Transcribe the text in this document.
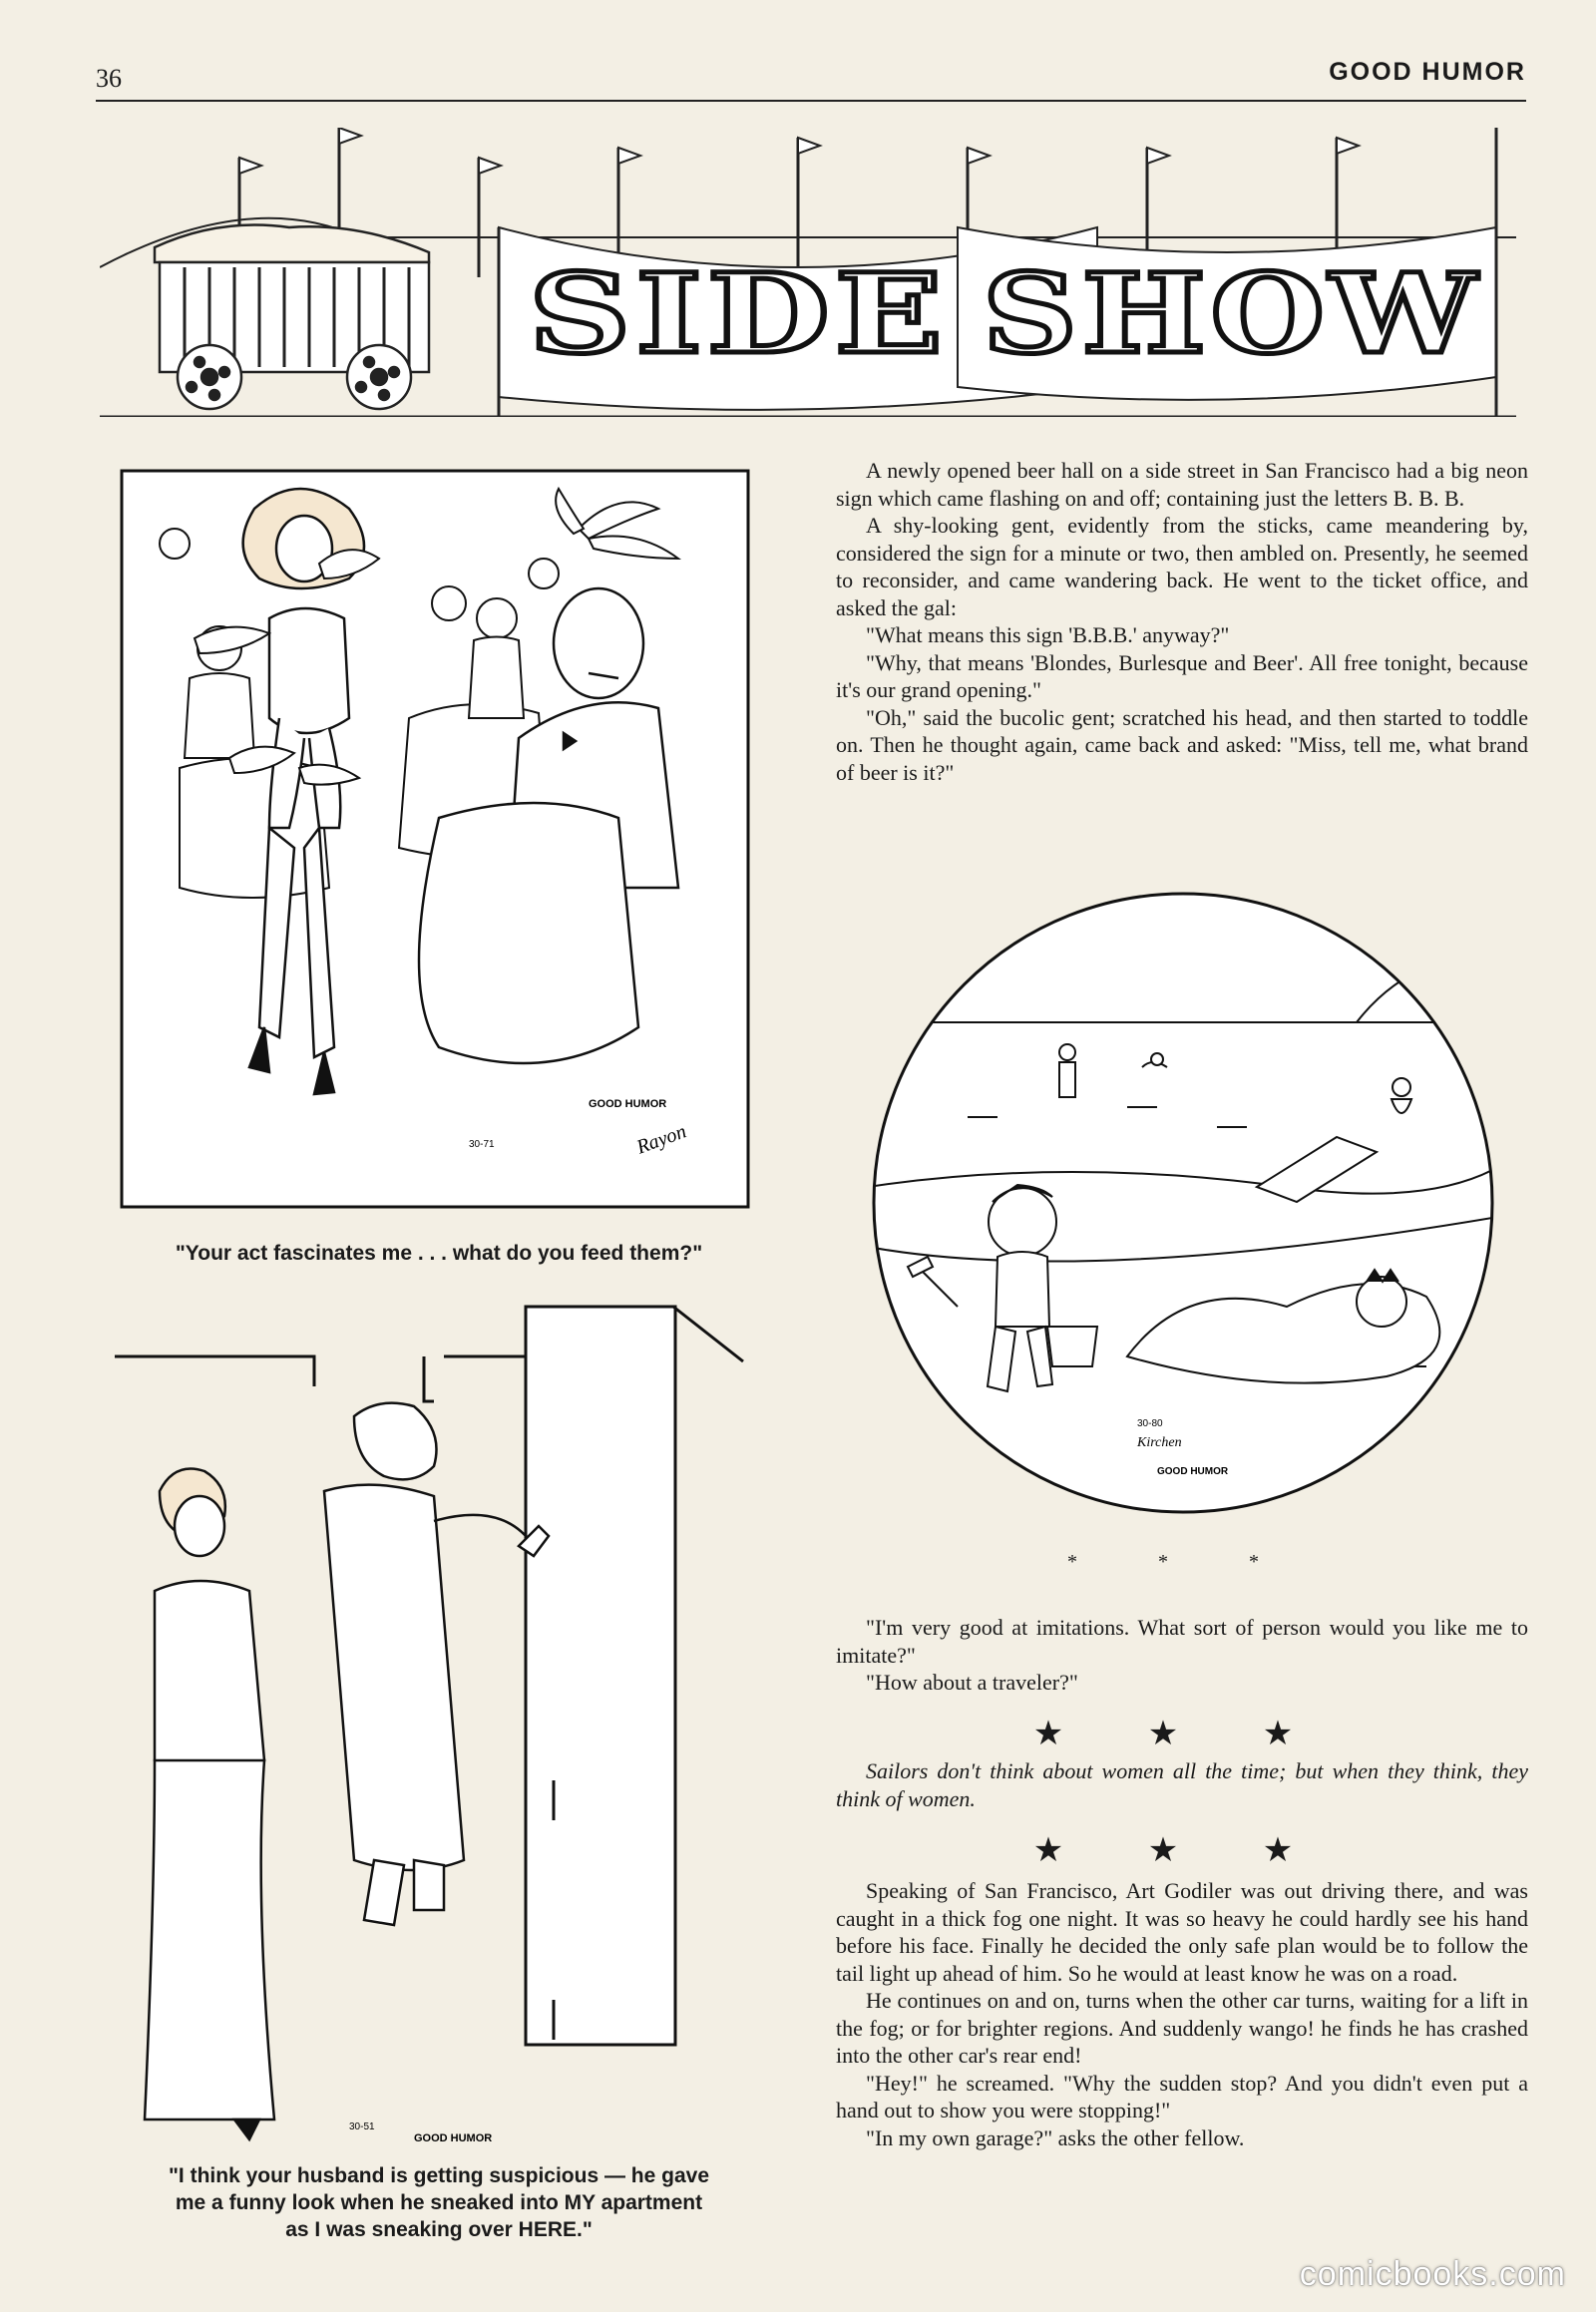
36	GOOD HUMOR
SIDE SHOW
GOOD HUMOR
30-71	Rayon
"Your act fascinates me . . . what do you feed them?"
GOOD HUMOR
30-51
"I think your husband is getting suspicious — he gave
me a funny look when he sneaked into MY apartment
as I was sneaking over HERE."

A newly opened beer hall on a side street in San Francisco had a big neon sign which came flashing on and off; containing just the letters B. B. B.

A shy-looking gent, evidently from the sticks, came meandering by, considered the sign for a minute or two, then ambled on. Presently, he seemed to reconsider, and came wandering back. He went to the ticket office, and asked the gal:

"What means this sign 'B.B.B.' anyway?"

"Why, that means 'Blondes, Burlesque and Beer'. All free tonight, because it's our grand opening."

"Oh," said the bucolic gent; scratched his head, and then started to toddle on. Then he thought again, came back and asked: "Miss, tell me, what brand of beer is it?"

30-80
Kirchen
GOOD HUMOR
* * *

"I'm very good at imitations. What sort of person would you like me to imitate?"

"How about a traveler?"

★ ★ ★

Sailors don't think about women all the time; but when they think, they think of women.

★ ★ ★

Speaking of San Francisco, Art Godiler was out driving there, and was caught in a thick fog one night. It was so heavy he could hardly see his hand before his face. Finally he decided the only safe plan would be to follow the tail light up ahead of him. So he would at least know he was on a road.

He continues on and on, turns when the other car turns, waiting for a lift in the fog; or for brighter regions. And suddenly wango! he finds he has crashed into the other car's rear end!

"Hey!" he screamed. "Why the sudden stop? And you didn't even put a hand out to show you were stopping!"

"In my own garage?" asks the other fellow.

comicbooks.com
